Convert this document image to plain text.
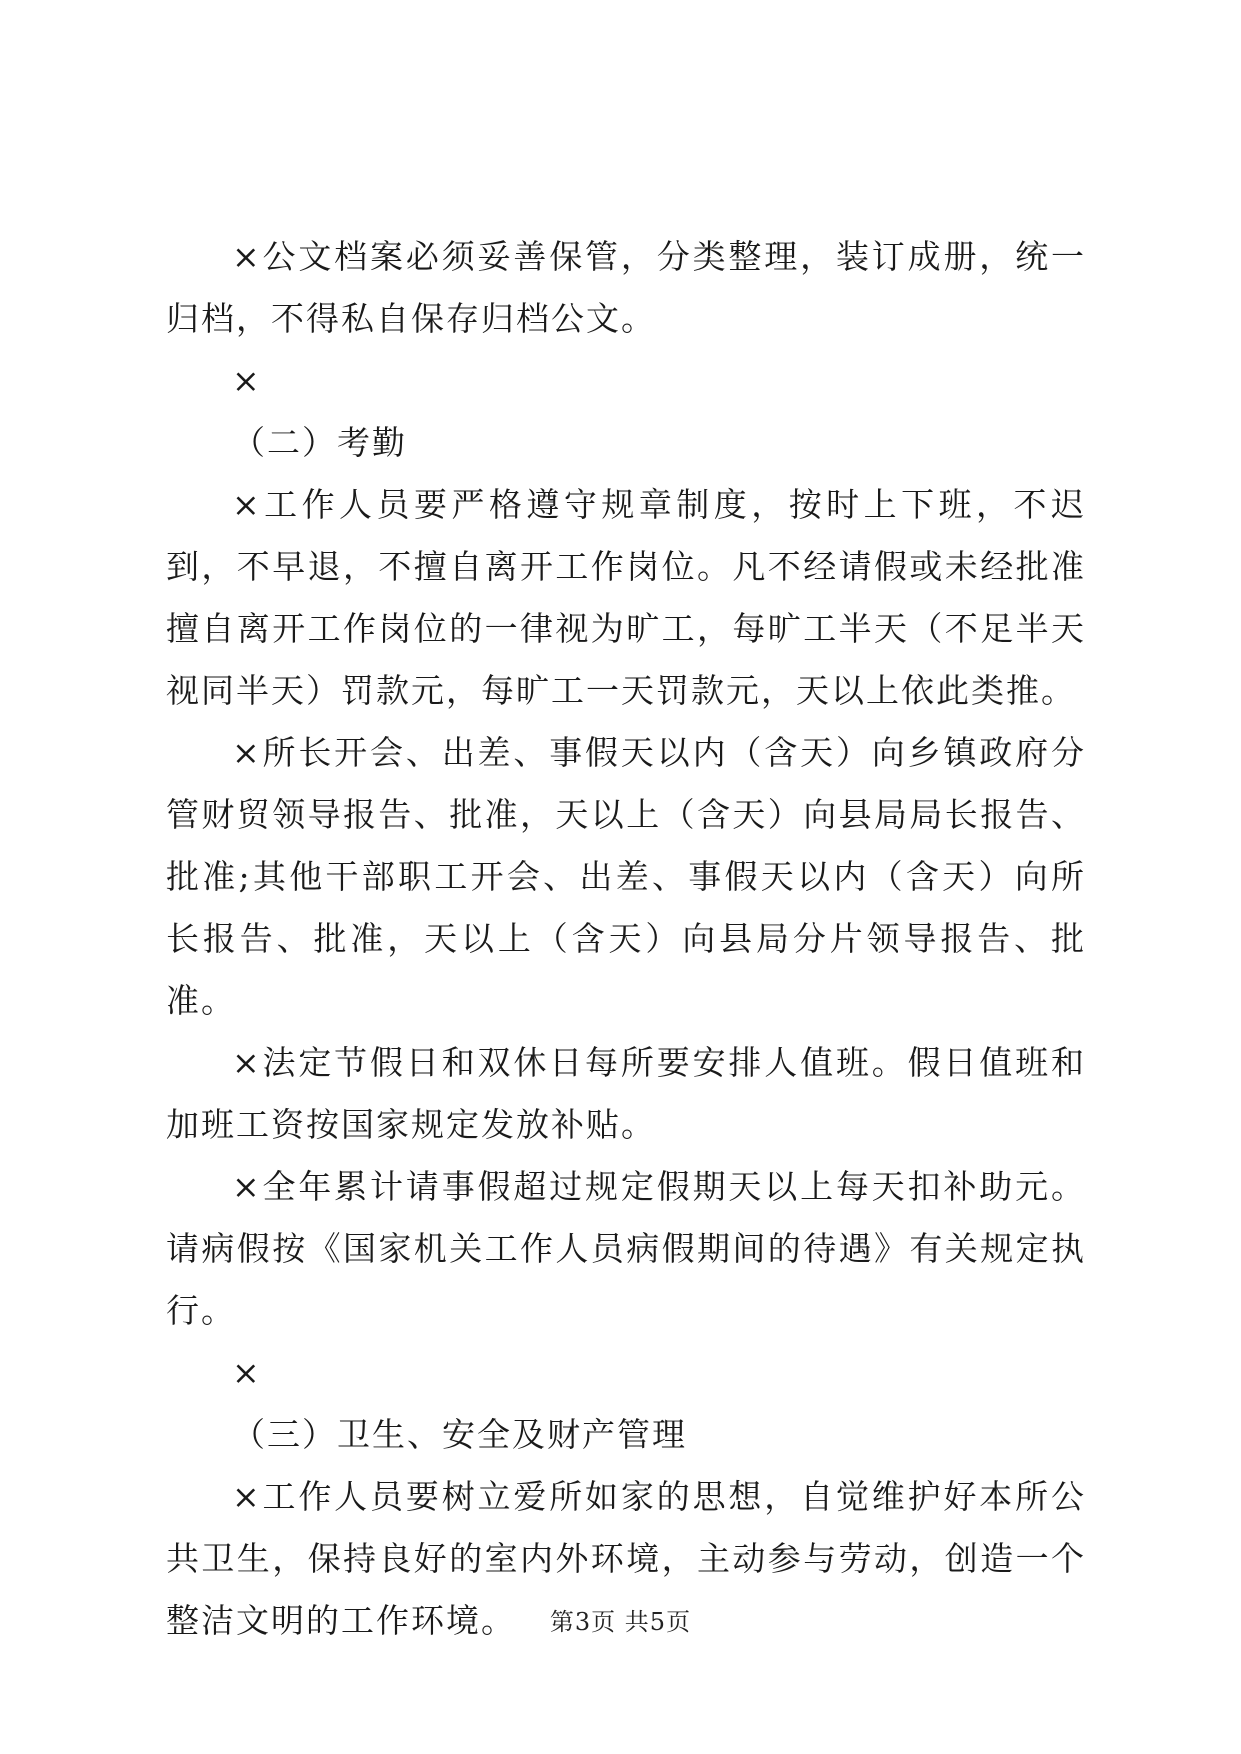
×公文档案必须妥善保管，分类整理，装订成册，统一归档，不得私自保存归档公文。

×

（二）考勤

×工作人员要严格遵守规章制度，按时上下班，不迟到，不早退，不擅自离开工作岗位。凡不经请假或未经批准擅自离开工作岗位的一律视为旷工，每旷工半天（不足半天视同半天）罚款元，每旷工一天罚款元，天以上依此类推。

×所长开会、出差、事假天以内（含天）向乡镇政府分管财贸领导报告、批准，天以上（含天）向县局局长报告、批准;其他干部职工开会、出差、事假天以内（含天）向所长报告、批准，天以上（含天）向县局分片领导报告、批准。

×法定节假日和双休日每所要安排人值班。假日值班和加班工资按国家规定发放补贴。

×全年累计请事假超过规定假期天以上每天扣补助元。请病假按《国家机关工作人员病假期间的待遇》有关规定执行。

×

（三）卫生、安全及财产管理

×工作人员要树立爱所如家的思想，自觉维护好本所公共卫生，保持良好的室内外环境，主动参与劳动，创造一个整洁文明的工作环境。	第3页 共5页
